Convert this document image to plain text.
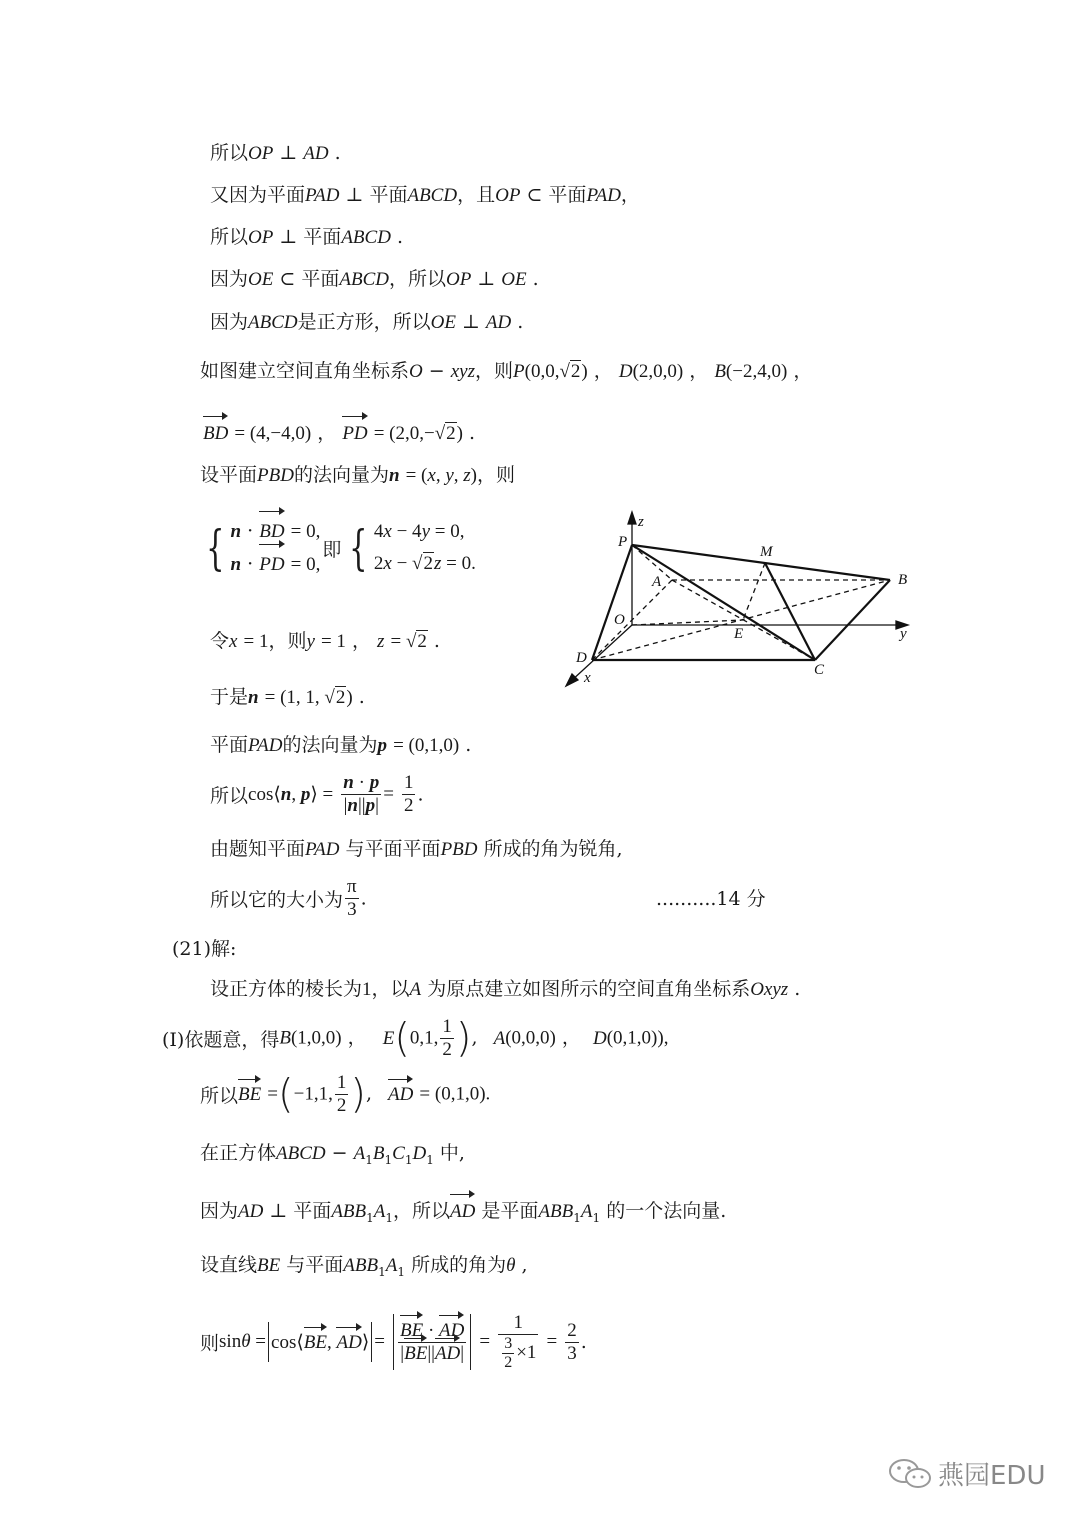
所以OP ⊥ AD .
又因为平面PAD ⊥ 平面ABCD，且OP ⊂ 平面PAD，
所以OP ⊥ 平面ABCD .
因为OE ⊂ 平面ABCD，所以OP ⊥ OE .
因为ABCD是正方形，所以OE ⊥ AD .
如图建立空间直角坐标系O − xyz，则P(0,0,√2) ， D(2,0,0) ， B(−2,4,0) ，
BD = (4,−4,0) ， PD = (2,0,−√2) .
设平面PBD的法向量为n = (x, y, z)，则
{ n · BD = 0,
n · PD = 0,
即 { 4x − 4y = 0,
2x − √2z = 0.
令x = 1，则y = 1 ， z = √2 .
于是n = (1, 1, √2) .
平面PAD的法向量为p = (0,1,0) .
所以cos⟨n, p⟩ = $\frac{n \cdot p}{|n||p|} = \frac{1}{2}$ .
由题知平面PAD 与平面平面PBD 所成的角为锐角,
所以它的大小为 $\frac{\pi}{3}$ .	..........14 分
(21)解:
设正方体的棱长为1，以A 为原点建立如图所示的空间直角坐标系Oxyz .
(Ⅰ)依题意，得B(1,0,0) ， E(0,1, $\frac{1}{2}$ ), A(0,0,0) ， D(0,1,0)),
所以BE =(−1,1, $\frac{1}{2}$ ), AD = (0,1,0).
在正方体ABCD − $A_1B_1C_1D_1$ 中,
因为AD ⊥ 平面$ABB_1A_1$，所以AD 是平面$ABB_1A_1$ 的一个法向量.
设直线BE 与平面$ABB_1A_1$ 所成的角为θ ,
则sinθ = cos⟨BE, AD⟩ = $\frac{BE \cdot AD}{|BE||AD|} = \frac{1}{\frac{3}{2} \times 1} = \frac{2}{3}$ .
z
P
M
A	B
O
E	y
D
C
x
燕园EDU
